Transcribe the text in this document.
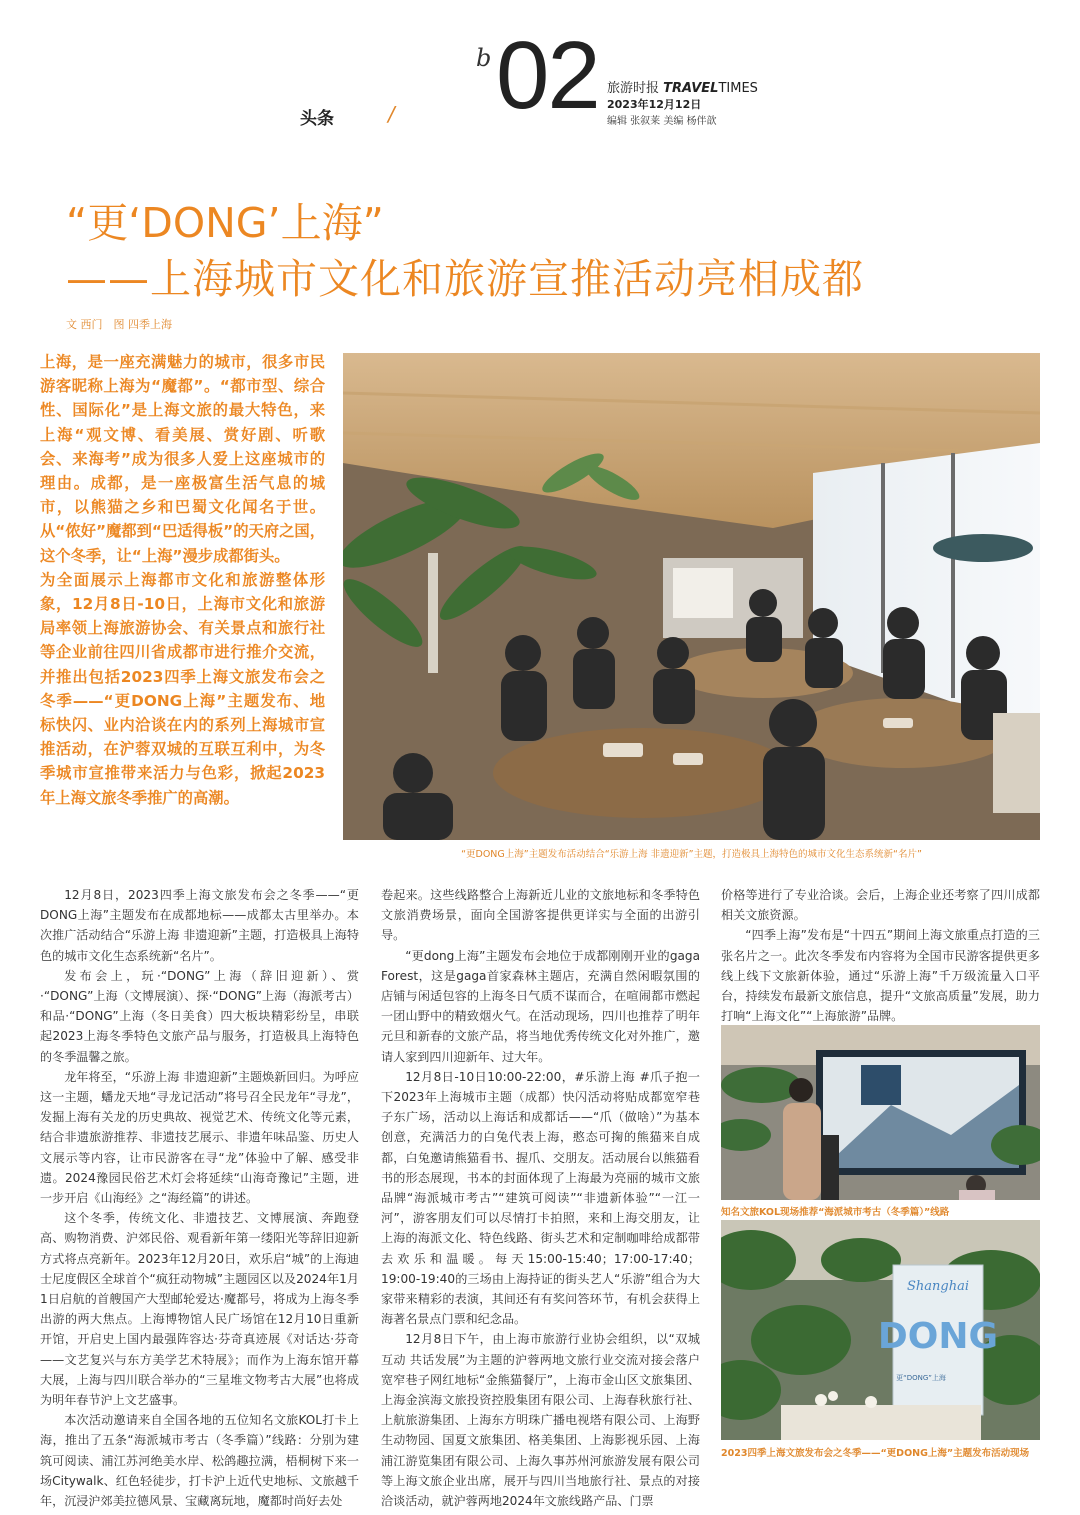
头条	/
b 02 旅游时报 TRAVELTIMES
2023年12月12日
编辑 张叙莱 美编 杨伴歆
“更‘DONG’上海”
——上海城市文化和旅游宣推活动亮相成都
文 西门　图 四季上海

上海，是一座充满魅力的城市，很多市民游客昵称上海为“魔都”。“都市型、综合性、国际化”是上海文旅的最大特色，来上海“观文博、看美展、赏好剧、听歌会、来海考”成为很多人爱上这座城市的理由。成都，是一座极富生活气息的城市，以熊猫之乡和巴蜀文化闻名于世。从“侬好”魔都到“巴适得板”的天府之国，这个冬季，让“上海”漫步成都街头。

为全面展示上海都市文化和旅游整体形象，12月8日-10日，上海市文化和旅游局率领上海旅游协会、有关景点和旅行社等企业前往四川省成都市进行推介交流，并推出包括2023四季上海文旅发布会之冬季——“更DONG上海”主题发布、地标快闪、业内洽谈在内的系列上海城市宣推活动，在沪蓉双城的互联互利中，为冬季城市宣推带来活力与色彩，掀起2023年上海文旅冬季推广的高潮。

“更DONG上海”主题发布活动结合“乐游上海 非遗迎新”主题，打造极具上海特色的城市文化生态系统新“名片”

12月8日，2023四季上海文旅发布会之冬季——“更DONG上海”主题发布在成都地标——成都太古里举办。本次推广活动结合“乐游上海 非遗迎新”主题，打造极具上海特色的城市文化生态系统新“名片”。

发布会上，玩·“DONG”上海（辞旧迎新）、赏·“DONG”上海（文博展演）、探·“DONG”上海（海派考古）和品·“DONG”上海（冬日美食）四大板块精彩纷呈，串联起2023上海冬季特色文旅产品与服务，打造极具上海特色的冬季温馨之旅。

龙年将至，“乐游上海 非遗迎新”主题焕新回归。为呼应这一主题，蟠龙天地“寻龙记活动”将号召全民龙年“寻龙”，发掘上海有关龙的历史典故、视觉艺术、传统文化等元素，结合非遗旅游推荐、非遗技艺展示、非遗年味品鉴、历史人文展示等内容，让市民游客在寻“龙”体验中了解、感受非遗。2024豫园民俗艺术灯会将延续“山海奇豫记”主题，进一步开启《山海经》之“海经篇”的讲述。

这个冬季，传统文化、非遗技艺、文博展演、奔跑登高、购物消费、沪郊民俗、观看新年第一缕阳光等辞旧迎新方式将点亮新年。2023年12月20日，欢乐启“城”的上海迪士尼度假区全球首个“疯狂动物城”主题园区以及2024年1月1日启航的首艘国产大型邮轮爱达·魔都号，将成为上海冬季出游的两大焦点。上海博物馆人民广场馆在12月10日重新开馆，开启史上国内最强阵容达·芬奇真迹展《对话达·芬奇——文艺复兴与东方美学艺术特展》；而作为上海东馆开幕大展，上海与四川联合举办的“三星堆文物考古大展”也将成为明年春节沪上文艺盛事。

本次活动邀请来自全国各地的五位知名文旅KOL打卡上海，推出了五条“海派城市考古（冬季篇）”线路：分别为建筑可阅读、浦江苏河绝美水岸、松鸽趣拉满，梧桐树下来一场Citywalk、红色轻徒步，打卡沪上近代史地标、文旅越千年，沉浸沪郊美拉德风景、宝藏离玩地，魔都时尚好去处

卷起来。这些线路整合上海新近儿业的文旅地标和冬季特色文旅消费场景，面向全国游客提供更详实与全面的出游引导。

“更dong上海”主题发布会地位于成都刚刚开业的gaga Forest，这是gaga首家森林主题店，充满自然闲暇氛围的店铺与闲适包容的上海冬日气质不谋而合，在喧闹都市燃起一团山野中的精致烟火气。在活动现场，四川也推荐了明年元旦和新春的文旅产品，将当地优秀传统文化对外推广，邀请人家到四川迎新年、过大年。

12月8日-10日10:00-22:00，#乐游上海 #爪子抱一下2023年上海城市主题（成都）快闪活动将贴成都宽窄巷子东广场，活动以上海话和成都话——“爪（做啥）”为基本创意，充满活力的白兔代表上海，憨态可掬的熊猫来自成都，白兔邀请熊猫看书、握爪、交朋友。活动展台以熊猫看书的形态展现，书本的封面体现了上海最为亮丽的城市文旅品牌“海派城市考古”“建筑可阅读”“非遗新体验”“一江一河”，游客朋友们可以尽情打卡拍照，来和上海交朋友，让上海的海派文化、特色线路、街头艺术和定制咖啡给成都带去欢乐和温暖。每天15:00-15:40；17:00-17:40；19:00-19:40的三场由上海持证的街头艺人“乐游”组合为大家带来精彩的表演，其间还有有奖问答环节，有机会获得上海著名景点门票和纪念品。

12月8日下午，由上海市旅游行业协会组织，以“双城互动 共话发展”为主题的沪蓉两地文旅行业交流对接会落户宽窄巷子网红地标“金熊猫餐厅”，上海市金山区文旅集团、上海金滨海文旅投资控股集团有限公司、上海春秋旅行社、上航旅游集团、上海东方明珠广播电视塔有限公司、上海野生动物园、国夏文旅集团、格美集团、上海影视乐园、上海浦江游览集团有限公司、上海久事苏州河旅游发展有限公司等上海文旅企业出席，展开与四川当地旅行社、景点的对接洽谈活动，就沪蓉两地2024年文旅线路产品、门票

价格等进行了专业洽谈。会后，上海企业还考察了四川成都相关文旅资源。

“四季上海”发布是“十四五”期间上海文旅重点打造的三张名片之一。此次冬季发布内容将为全国市民游客提供更多线上线下文旅新体验，通过“乐游上海”千万级流量入口平台，持续发布最新文旅信息，提升“文旅高质量”发展，助力打响“上海文化”“上海旅游”品牌。

知名文旅KOL现场推荐“海派城市考古（冬季篇）”线路
Shanghai
DONG
更“DONG”上海
2023四季上海文旅发布会之冬季——“更DONG上海”主题发布活动现场
